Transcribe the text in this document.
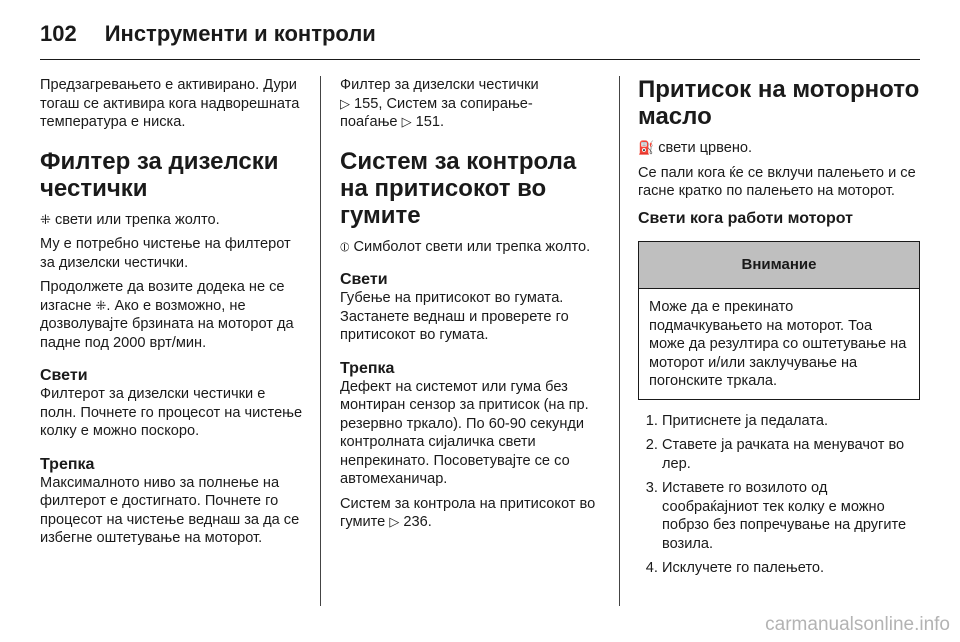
102 Инструменти и контроли

Предзагревањето е активирано. Дури тогаш се активира кога надворешната температура е ниска.

Филтер за дизелски честички

⁜ свети или трепка жолто.

Му е потребно чистење на филтерот за дизелски честички.

Продолжете да возите додека не се изгасне ⁜. Ако е возможно, не дозволувајте брзината на моторот да падне под 2000 врт/мин.

Свети

Филтерот за дизелски честички е полн. Почнете го процесот на чистење колку е можно поскоро.

Трепка

Максималното ниво за полнење на филтерот е достигнато. Почнете го процесот на чистење веднаш за да се избегне оштетување на моторот.

Филтер за дизелски честички
▷ 155, Систем за сопирање-
поаѓање ▷ 151.

Систем за контрола на притисокот во гумите

⦶ Симболот свети или трепка жолто.

Свети

Губење на притисокот во гумата. Застанете веднаш и проверете го притисокот во гумата.

Трепка

Дефект на системот или гума без монтиран сензор за притисок (на пр. резервно тркало). По 60-90 секунди контролната сијаличка свети непрекинато. Посоветувајте се со автомеханичар.

Систем за контрола на притисокот во гумите ▷ 236.

Притисок на моторното масло

⛽ свети црвено.

Се пали кога ќе се вклучи палењето и се гасне кратко по палењето на моторот.

Свети кога работи моторот
Внимание
Може да е прекинато подмачкувањето на моторот. Тоа може да резултира со оштетување на моторот и/или заклучување на погонските тркала.
1. Притиснете ја педалата.
2. Ставете ја рачката на менувачот во лер.
3. Иставете го возилото од сообраќајниот тек колку е можно побрзо без попречување на другите возила.
4. Исклучете го палењето.
carmanualsonline.info
